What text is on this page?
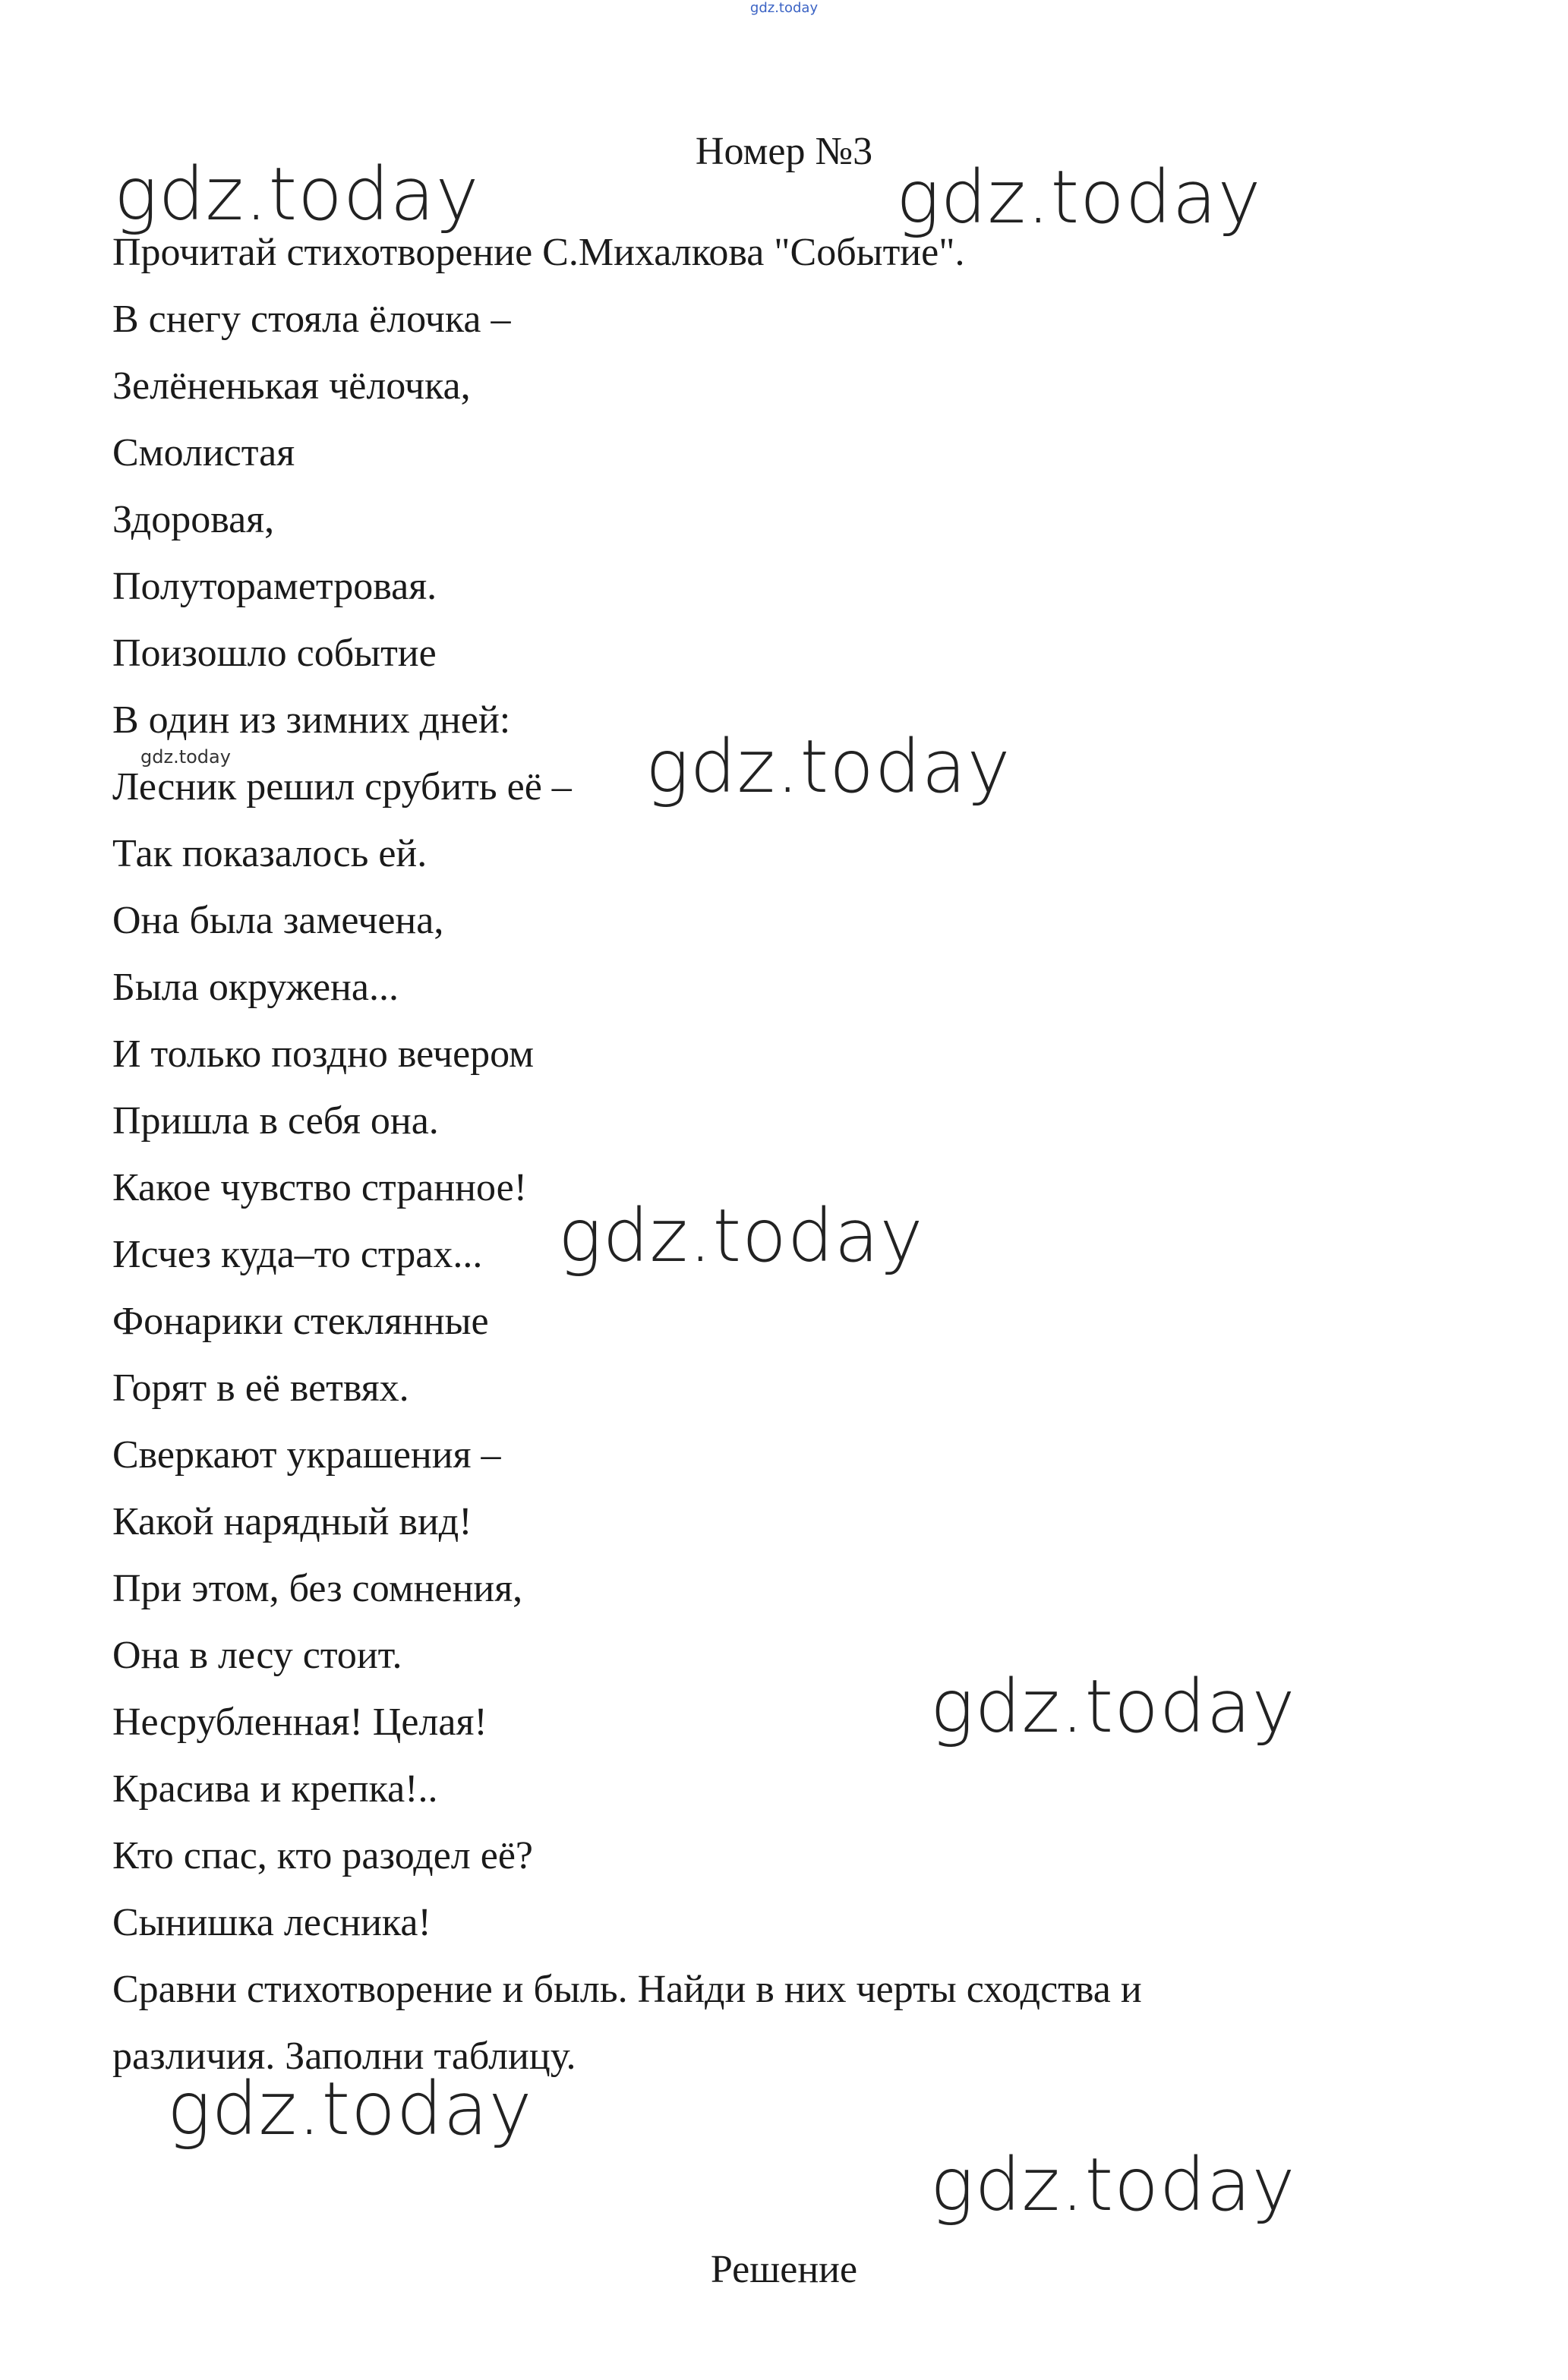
gdz.today
Номер №3
Прочитай стихотворение С.Михалкова "Событие".
В снегу стояла ёлочка –
Зелёненькая чёлочка,
Смолистая
Здоровая,
Полутораметровая.
Поизошло событие
В один из зимних дней:
Лесник решил срубить её –
Так показалось ей.
Она была замечена,
Была окружена...
И только поздно вечером
Пришла в себя она.
Какое чувство странное!
Исчез куда–то страх...
Фонарики стеклянные
Горят в её ветвях.
Сверкают украшения –
Какой нарядный вид!
При этом, без сомнения,
Она в лесу стоит.
Несрубленная! Целая!
Красива и крепка!..
Кто спас, кто разодел её?
Сынишка лесника!
Сравни стихотворение и быль. Найди в них черты сходства и
различия. Заполни таблицу.
Решение
gdz.today	gdz.today
gdz.today	gdz.today
gdz.today
gdz.today
gdz.today
gdz.today
